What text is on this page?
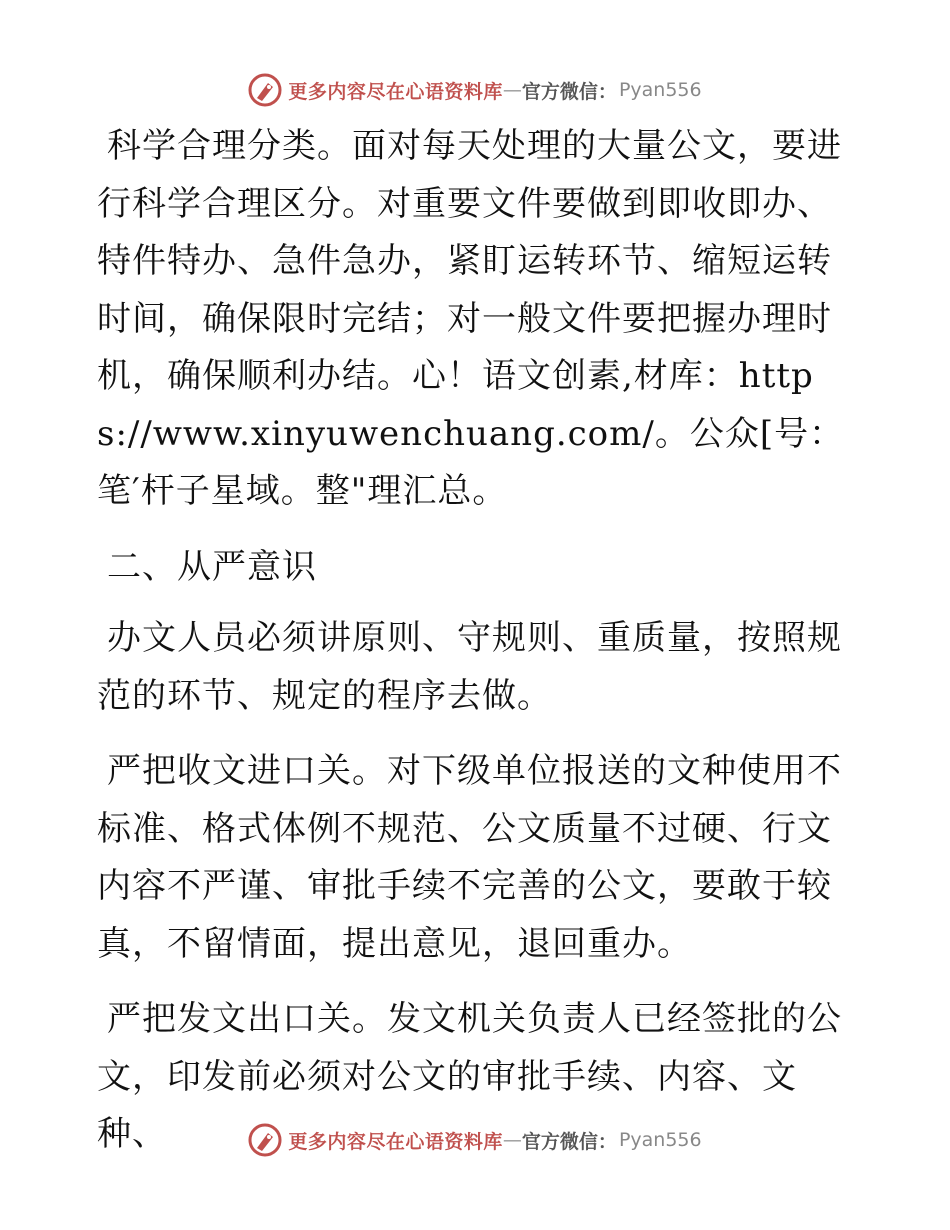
更多内容尽在心语资料库 — 官方微信： Pyan556

科学合理分类。面对每天处理的大量公文，要进行科学合理区分。对重要文件要做到即收即办、特件特办、急件急办，紧盯运转环节、缩短运转时间，确保限时完结；对一般文件要把握办理时机，确保顺利办结。心！语文创素,材库：https://www.xinyuwenchuang.com/。公众[号：笔′杆子星域。整"理汇总。

二、从严意识

办文人员必须讲原则、守规则、重质量，按照规范的环节、规定的程序去做。

严把收文进口关。对下级单位报送的文种使用不标准、格式体例不规范、公文质量不过硬、行文内容不严谨、审批手续不完善的公文，要敢于较真，不留情面，提出意见，退回重办。

严把发文出口关。发文机关负责人已经签批的公文，印发前必须对公文的审批手续、内容、文种、	更多内容尽在心语资料库 — 官方微信： Pyan556
